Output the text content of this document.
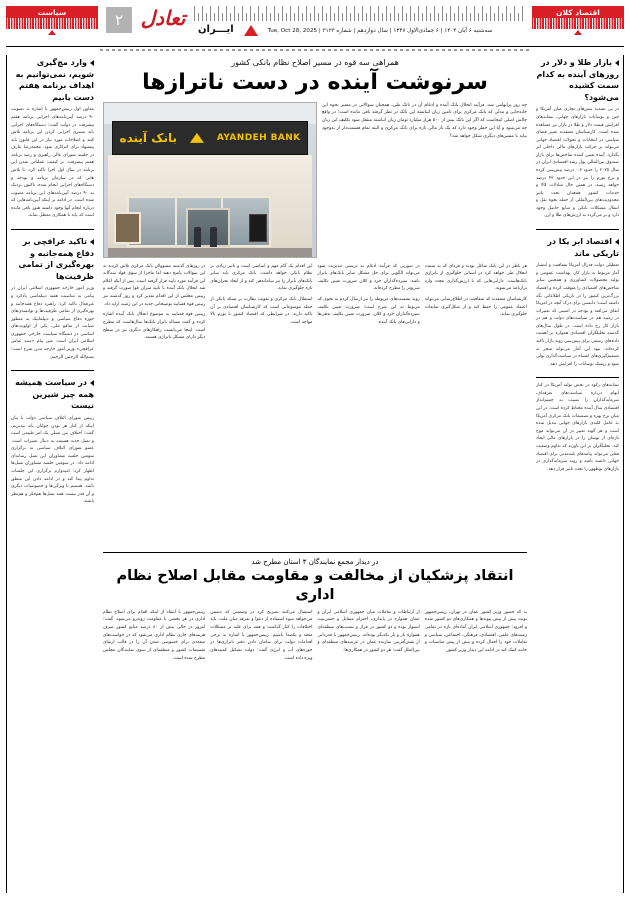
سیاست	۲ تعادل	ایـــران	سه‌شنبه ۶ آبان ۱۴۰۴ | ۶ جمادی‌الاول ۱۴۴۷ | سال دوازدهم | شماره ۳۱۲۳ | Tue, Oct 28, 2025
اقتصاد کلان
وارد مچ‌گیری شویم، نمی‌توانیم به اهداف برنامه هفتم دست یابیم
معاون اول رییس‌جمهور با اشاره به تصویب ۹۰ درصد آیین‌نامه‌های اجرایی برنامه هفتم پیشرفت در دولت گفت: دستگاه‌های اجرایی باید بستری اجرایی کردن این برنامه تلاش کنند و اصلاحات مورد نیاز در این قانون باید پیشنهاد برای کم‌کاری شود. محمدرضا عارف در جلسه شورای عالی راهبری و رصد برنامه هفتم پیشرفت، بر کیفیت عملیاتی شدن این برنامه در سال اول اجرا تاکید کرد. با تلاش هایی که در سازمان برنامه و بودجه و دستگاه‌های اجرایی انجام شده، تاکنون نزدیک به ۹۰ درصد آیین‌نامه‌های این برنامه مصوب شده است. در ادامه بر اینکه آیین‌نامه‌هایی که درباره انجام آنها وجود داشته هنوز باقی مانده است که باید با همکاری معطل نماند.
تاکید عراقچی بر دفاع همه‌جانبه و بهره‌گیری از تمامی ظرفیت‌ها
وزیر امور خارجه جمهوری اسلامی ایران در پیامی به مناسبت هفته دیپلماسی یادکرد و غیرفعال تاکید کرد: راهبرد دفاع همه‌جانبه و بهره‌گیری از تمامی ظرفیت‌ها و توانمندی‌های حوزه دفاع سیاسی و دیپلماتیک به منظور صیانت از منافع ملی، یکی از اولویت‌های اساسی در دستگاه سیاست خارجی جمهوری اسلامی ایران است. متن پیام «سید عباس عراقچی» وزیر امور خارجه بدین شرح است: بسم‌الله الرحمن الرحیم.
در سیاست همیشه همه چیز شیرین نیست
رییس شورای ائتلاف سیاسی دولت با بیان اینکه از کنار هر بودن جوانان باید بپذیریم، گفت: اختلاف بین نسلی یک امر طبیعی است و نسل جدید همیشه به دنبال تغییرات است. عضو شورای ائتلاف سیاسی به برگزاری سومین جلسه مشاوران این نسل رسانه‌ای ادامه داد: در سومین جلسه مشاوران نسل‌ها اظهار کرد: امیدوارم برگزاری این جلسات تداوم پیدا کند و در ادامه دادن این منطق باشد. هستیم با ویژگی‌ها و خصوصیات دیگری و آن قدر نیست همه نسل‌ها هم‌فکر و هم‌نظر باشند.
همراهی سه قوه در مسیر اصلاح نظام بانکی کشور
سرنوشت آینده در دست ناترازها
بانک آینده	AYANDEH BANK
چه روز پرابهامی شد، فرآیند انحلال بانک آینده و ادغام آن در بانک ملی، همچنان سوالاتی در مسیر نحوه این جابه‌جایی و مدلی که بانک مرکزی برای تامین زیان لنباشته این بانک در نظر گرفته باقی مانده است؛ در واقع چالش اصلی اینجاست که اگر این بانک بیش از ۵۰۰ هزار میلیارد تومان زیان انباشته منتقل شود تکلیف این زیان چه می‌شود و آیا این خطر وجود دارد که یک باز مالی تازه برای بانک مرکزی و البته تمام قسمت‌دار از به‌وجود بیاید یا مسیرهای دیگری شکل خواهد شد؟

در روزهای گذشته مسوولان بانک مرکزی تلاش کردند به این سوالات پاسخ دهند اما ماجرا از سوی فواد سه‌گانه این فرآیند مورد تایید قرار گرفته است. پس از آنکه اعلام شد انحلال بانک آینده با تایید سران قوا صورت گرفته و رییس مجلس از این اقدام تقدیر کرد و روز گذشته نیز رییس قوه قضاییه توضیحاتی جدید در این زمینه ارایه داد.

رییس قوه قضاییه به موضوع انحلال بانک آینده اشاره کرده و گفت مساله ناتراز بانک‌ها سال‌هاست که مطرح است. اینجا می‌بایست راهکارهای دیگری نیز در سطح دیگر دارای مشکل ناترازی هستند.

این اقدام یک گام مهم و اساسی است و تاثیر زیادی بر نظام بانکی خواهد داشت. بانک مرکزی باید سایر بانک‌های ناتراز را نیز ساماندهی کند و از ایجاد بحران‌های تازه جلوگیری نماید.

استقلال بانک مرکزی و تقویت نظارت بر شبکه بانکی از جمله موضوعاتی است که کارشناسان اقتصادی بر آن تاکید دارند. در شرایطی که اقتصاد کشور با تورم بالا مواجه است.

در صورتی که فرآیند ادغام به درستی مدیریت شود می‌تواند الگویی برای حل مشکل سایر بانک‌های ناتراز باشد. سپرده‌گذاران خرد و کلان ضرورت تعیین تکلیف سریع‌تر را مطرح کرده‌اند.

روند نشست‌های مربوطه را نیز ارسال کردم به نحوی که مربوط به این شرح است؛ ضرورت تعیین تکلیف سپرده‌گذاران خرد و کلان، ضرورت تعیین تکلیف بدهی‌ها و دارایی‌های بانک آینده.

هر ناظر در این بانک شاغل بودند و فردای که به سمت انحلال طی خواهد کرد در استانی جلوگیری از ناترازی بانک‌هاست. دارایی‌هایی که با ارزش‌گذاری مجدد وارد ترازنامه می‌شوند.

کارشناسان معتقدند که شفافیت در اطلاع‌رسانی می‌تواند اعتماد عمومی را حفظ کند و از شکل‌گیری شایعات جلوگیری نماید.

در دیدار مجمع نمایندگان ۴ استان مطرح شد
انتقاد پزشکیان از مخالفت و مقاومت مقابل اصلاح نظام اداری

رییس‌جمهور با انتقاد از اینکه اقدام برای اصلاح نظام اداری در هر بخشی با مقاومت روبه‌رو می‌شود، گفت: امروز در حالی بیش از ۸۰ درصد منابع کشور صرف هزینه‌های جاری نظام اداری می‌شود که در خواست‌های متعددی برای خصوصی شدن آن را در قالب ارتقای تقسیمات کشور و منطقه‌ای از سوی نمایندگان مجلس مطرح شده است.

استقبال می‌کنند تصریح کرد در وضعیتی که دشمن می‌خواهد سوء استفاده از دعوا و تفرقه میان ملت، باید اختلافات را کنار گذاشت و همه برای غلبه بر مشکلات متحد و یکصدا باشیم. رییس‌جمهور با اشاره به برخی اقدامات دولت برای سامان دادن دفتر ناترازی‌ها در حوزه‌های آب و انرژی گفت: دولت تشکیل کمیته‌های ویژه داده است.

از ارتباطات و تعاملات میان جمهوری اسلامی ایران و عمان همواره در پایداری، احترام متقابل و حسن‌نیت استوار بوده و دو کشور در فراز و نشیب‌های منطقه‌ای همواره بار و یار یکدیگر بوده‌اند. رییس‌جمهور با قدردانی از نقش‌آفرینی سازنده عمان در عرصه‌های منطقه‌ای و بین‌الملل گفت: هر دو کشور در همکاری‌ها.

به که حضور وزیر کشور عمان در تهران، رییس‌جمهور نوبت بیش از پیش پیوندها و همکاری‌های دو کشور شده و افزود: جمهوری اسلامی ایران آماده‌ای تازه در تمامی زمینه‌های علمی، اقتصادی، فرهنگی، اجتماعی، سیاسی و تعاملات خود را افعال کرده و بیش از پیش مناسبات و جانبه کمک کند در ادامه این دیدار وزیر کشور.

بازار طلا و دلار در روزهای آینده به کدام سمت کشیده می‌شود؟
در پی تشدید تنش‌های تجاری میان آمریکا و چین و نوسانات بازارهای جهانی، نشانه‌های افزایش قیمت دلار و طلا در بازار نیز مشاهده شده است. کارشناسان معتقدند تغییر فضای سیاسی در انتخابات و تحولات اقتصاد جهانی می‌تواند بر حرکت بازارهای مالی داخلی اثر بگذارد. آینده تعیین کننده شاخص‌ها برای بازار صندوق بین‌المللی پول رشد اقتصادی ایران در سال ۲۰۲۵ را حدود ۰.۳ درصد پیش‌بینی کرده و نرخ تورم را نیز در این حدود ۴۳ درصد خواهد رسید. در همین حال مبادلات کالا و خدمات کشور همچنان تحت تاثیر محدودیت‌های بین‌المللی از جمله نحوه نقل و انتقال مشکلات بانکی و منابع حاصل وجود دارد و بر می‌گردد به ارزش‌های طلا و ارز.
اقتصاد ابر یکا در تاریکی ماند
تعطیلی دولت فدرال آمریکا شفافیت و انتشار آمار مربوط به بازار کار، بهداشت عمومی و تولید محصولات کشاورزی و همچنین سایر شاخص‌های اقتصادی را متوقف کرده و اقتصاد بزرگ‌ترین کشور را در تاریکی اطلاعاتی نگه داشته است؛ دانستن برای درک آنچه در امریکا اتفاق می‌افتد و بودجه در امنیتی که تغییرات در زمینه هم در سیاست‌های دولت و هم در بازار کار رخ داده است. در طول سال‌های گذشته تحلیلگران اقتصادی همواره بر اهمیت داده‌های رسمی برای پیش‌بینی روند بازار تاکید کرده‌اند. نبود این آمار می‌تواند منجر به تصمیم‌گیری‌های اشتباه در سیاست‌گذاری پولی شود و ریسک نوسانات را افزایش دهد.
نشانه‌های رکود در بخش تولید آمریکا در کنار ابهام درباره سیاست‌های تعرفه‌ای، سرمایه‌گذاران را نسبت به چشم‌انداز اقتصادی سال آینده محتاط کرده است. در این میان نرخ بهره و تصمیمات بانک مرکزی آمریکا به عامل کلیدی بازارهای جهانی تبدیل شده است و هر گونه تغییر در آن می‌تواند موج تازه‌ای از نوسان را در بازارهای مالی ایجاد کند. تحلیلگران بر این باورند که تداوم وضعیت فعلی می‌تواند پیامدهای بلندمدتی برای اقتصاد جهانی داشته باشد و روند سرمایه‌گذاری در بازارهای نوظهور را تحت تاثیر قرار دهد.
